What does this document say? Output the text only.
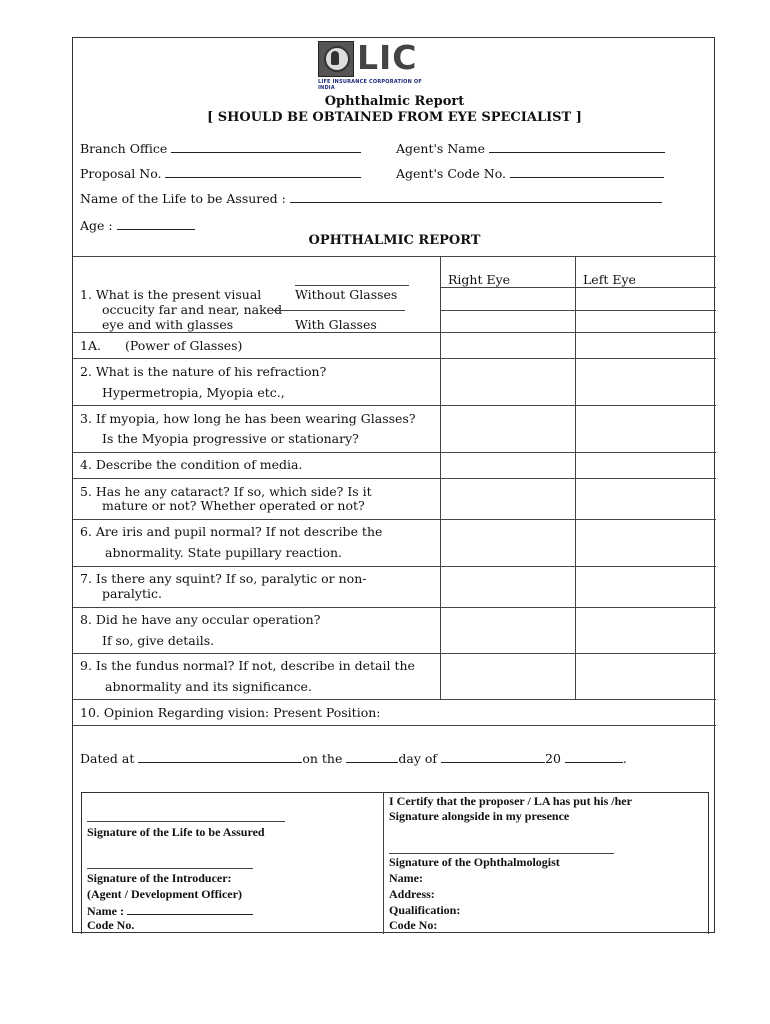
LIC
LIFE INSURANCE CORPORATION OF INDIA
Ophthalmic Report
[ SHOULD BE OBTAINED FROM EYE SPECIALIST ]
Branch Office	Agent's Name
Proposal No.	Agent's Code No.
Name of the Life to be Assured :
Age :
OPHTHALMIC REPORT
Right Eye	Left Eye
1. What is the present visual
occucity far and near, naked
eye and with glasses
Without Glasses
With Glasses
1A. (Power of Glasses)
2. What is the nature of his refraction?
Hypermetropia, Myopia etc.,
3. If myopia, how long he has been wearing Glasses?
Is the Myopia progressive or stationary?
4. Describe the condition of media.
5. Has he any cataract? If so, which side? Is it
mature or not? Whether operated or not?
6. Are iris and pupil normal? If not describe the
abnormality. State pupillary reaction.
7. Is there any squint? If so, paralytic or non-
paralytic.
8. Did he have any occular operation?
If so, give details.
9. Is the fundus normal? If not, describe in detail the
abnormality and its significance.
10. Opinion Regarding vision: Present Position:
Dated at	on the	day of	20	.
Signature of the Life to be Assured
Signature of the Introducer:
(Agent / Development Officer)
Name :
Code No.
I Certify that the proposer / LA has put his /her
Signature alongside in my presence
Signature of the Ophthalmologist
Name:
Address:
Qualification:
Code No:
